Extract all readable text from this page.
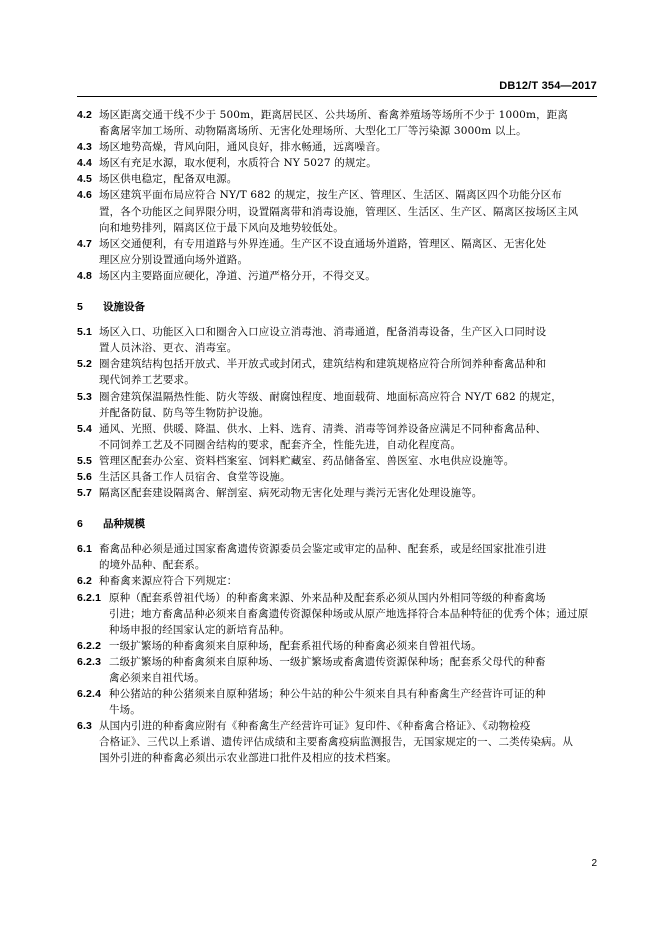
DB12/T 354—2017
4.2 场区距离交通干线不少于 500m，距离居民区、公共场所、畜禽养殖场等场所不少于 1000m，距离
畜禽屠宰加工场所、动物隔离场所、无害化处理场所、大型化工厂等污染源 3000m 以上。
4.3 场区地势高燥，背风向阳，通风良好，排水畅通，远离噪音。
4.4 场区有充足水源，取水便利，水质符合 NY 5027 的规定。
4.5 场区供电稳定，配备双电源。
4.6 场区建筑平面布局应符合 NY/T 682 的规定，按生产区、管理区、生活区、隔离区四个功能分区布
置，各个功能区之间界限分明，设置隔离带和消毒设施，管理区、生活区、生产区、隔离区按场区主风
向和地势排列，隔离区位于最下风向及地势较低处。
4.7 场区交通便利，有专用道路与外界连通。生产区不设直通场外道路，管理区、隔离区、无害化处
理区应分别设置通向场外道路。
4.8 场区内主要路面应硬化，净道、污道严格分开，不得交叉。
5 设施设备
5.1 场区入口、功能区入口和圈舍入口应设立消毒池、消毒通道，配备消毒设备，生产区入口同时设
置人员沐浴、更衣、消毒室。
5.2 圈舍建筑结构包括开放式、半开放式或封闭式，建筑结构和建筑规格应符合所饲养种畜禽品种和
现代饲养工艺要求。
5.3 圈舍建筑保温隔热性能、防火等级、耐腐蚀程度、地面载荷、地面标高应符合 NY/T 682 的规定，
并配备防鼠、防鸟等生物防护设施。
5.4 通风、光照、供暖、降温、供水、上料、选育、清粪、消毒等饲养设备应满足不同种畜禽品种、
不同饲养工艺及不同圈舍结构的要求，配套齐全，性能先进，自动化程度高。
5.5 管理区配套办公室、资料档案室、饲料贮藏室、药品储备室、兽医室、水电供应设施等。
5.6 生活区具备工作人员宿舍、食堂等设施。
5.7 隔离区配套建设隔离舍、解剖室、病死动物无害化处理与粪污无害化处理设施等。
6 品种规模
6.1 畜禽品种必须是通过国家畜禽遗传资源委员会鉴定或审定的品种、配套系，或是经国家批准引进
的境外品种、配套系。
6.2 种畜禽来源应符合下列规定：
6.2.1 原种（配套系曾祖代场）的种畜禽来源、外来品种及配套系必须从国内外相同等级的种畜禽场
引进；地方畜禽品种必须来自畜禽遗传资源保种场或从原产地选择符合本品种特征的优秀个体；通过原
种场申报的经国家认定的新培育品种。
6.2.2 一级扩繁场的种畜禽须来自原种场，配套系祖代场的种畜禽必须来自曾祖代场。
6.2.3 二级扩繁场的种畜禽须来自原种场、一级扩繁场或畜禽遗传资源保种场；配套系父母代的种畜
禽必须来自祖代场。
6.2.4 种公猪站的种公猪须来自原种猪场；种公牛站的种公牛须来自具有种畜禽生产经营许可证的种
牛场。
6.3 从国内引进的种畜禽应附有《种畜禽生产经营许可证》复印件、《种畜禽合格证》、《动物检疫
合格证》、三代以上系谱、遗传评估成绩和主要畜禽疫病监测报告，无国家规定的一、二类传染病。从
国外引进的种畜禽必须出示农业部进口批件及相应的技术档案。
2
